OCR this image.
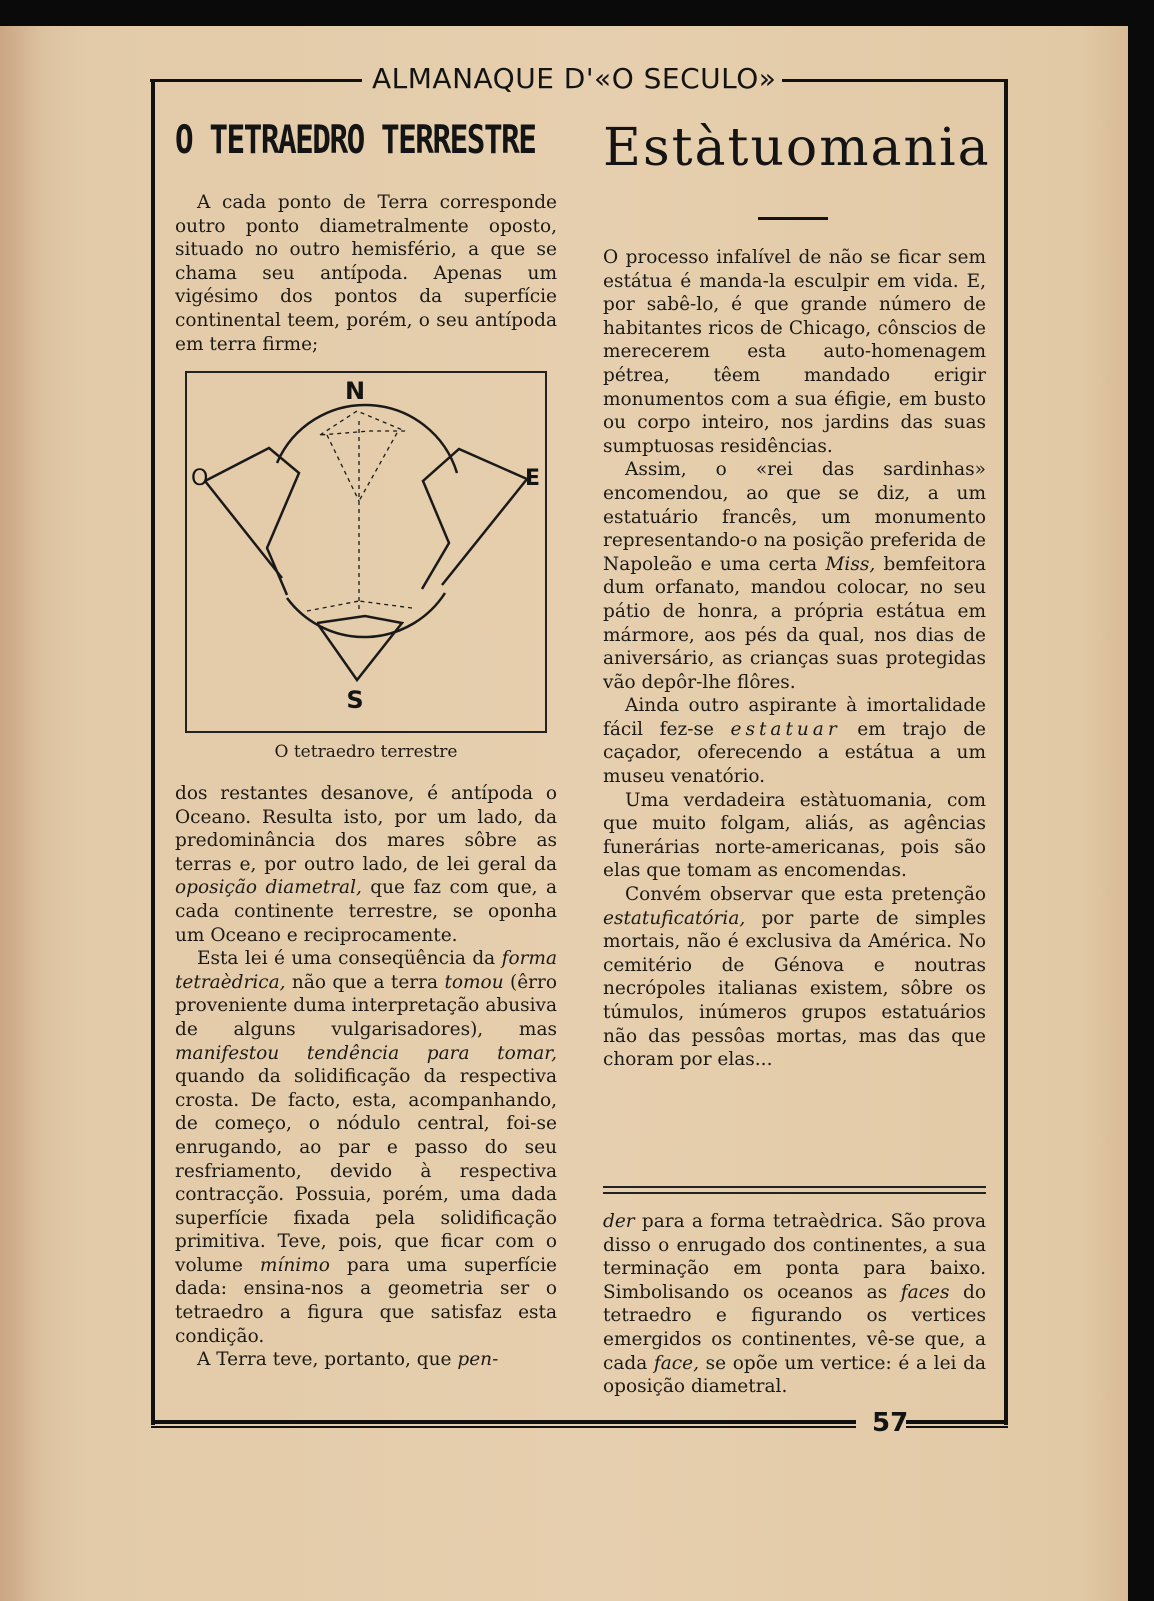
ALMANAQUE D'«O SECULO»
O TETRAEDRO TERRESTRE

A cada ponto de Terra corresponde outro ponto diametralmente oposto, situado no outro hemisfério, a que se chama seu antípoda. Apenas um vigésimo dos pontos da superfície continental teem, porém, o seu antípoda em terra firme;

N
S
O	E
O tetraedro terrestre

dos restantes desanove, é antípoda o Oceano. Resulta isto, por um lado, da predominância dos mares sôbre as terras e, por outro lado, de lei geral da oposição diametral, que faz com que, a cada continente terrestre, se oponha um Oceano e reciprocamente.

Esta lei é uma conseqüência da forma tetraèdrica, não que a terra tomou (êrro proveniente duma interpretação abusiva de alguns vulgarisadores), mas manifestou tendência para tomar, quando da solidificação da respectiva crosta. De facto, esta, acompanhando, de começo, o nódulo central, foi-se enrugando, ao par e passo do seu resfriamento, devido à respectiva contracção. Possuia, porém, uma dada superfície fixada pela solidificação primitiva. Teve, pois, que ficar com o volume mínimo para uma superfície dada: ensina-nos a geometria ser o tetraedro a figura que satisfaz esta condição.

A Terra teve, portanto, que pen-

Estàtuomania

O processo infalível de não se ficar sem estátua é manda-la esculpir em vida. E, por sabê-lo, é que grande número de habitantes ricos de Chicago, cônscios de merecerem esta auto-homenagem pétrea, têem mandado erigir monumentos com a sua éfigie, em busto ou corpo inteiro, nos jardins das suas sumptuosas residências.

Assim, o «rei das sardinhas» encomendou, ao que se diz, a um estatuário francês, um monumento representando-o na posição preferida de Napoleão e uma certa Miss, bemfeitora dum orfanato, mandou colocar, no seu pátio de honra, a própria estátua em mármore, aos pés da qual, nos dias de aniversário, as crianças suas protegidas vão depôr-lhe flôres.

Ainda outro aspirante à imortalidade fácil fez-se estatuar em trajo de caçador, oferecendo a estátua a um museu venatório.

Uma verdadeira estàtuomania, com que muito folgam, aliás, as agências funerárias norte-americanas, pois são elas que tomam as encomendas.

Convém observar que esta pretenção estatuficatória, por parte de simples mortais, não é exclusiva da América. No cemitério de Génova e noutras necrópoles italianas existem, sôbre os túmulos, inúmeros grupos estatuários não das pessôas mortas, mas das que choram por elas...

der para a forma tetraèdrica. São prova disso o enrugado dos continentes, a sua terminação em ponta para baixo. Simbolisando os oceanos as faces do tetraedro e figurando os vertices emergidos os continentes, vê-se que, a cada face, se opõe um vertice: é a lei da oposição diametral.

57
